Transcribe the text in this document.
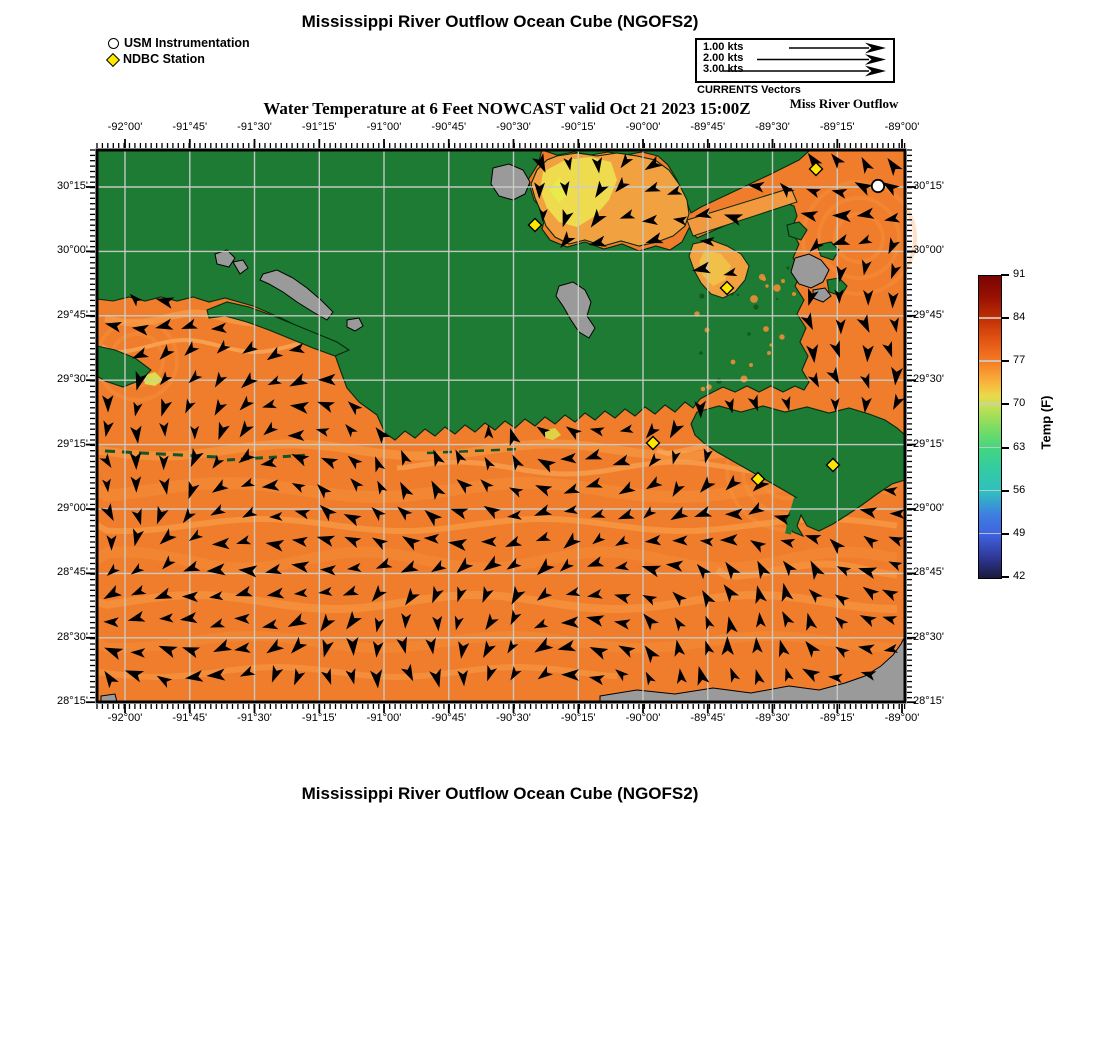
Mississippi River Outflow Ocean Cube (NGOFS2)
USM Instrumentation
NDBC Station
1.00 kts
2.00 kts
3.00 kts
CURRENTS Vectors
Water Temperature at 6 Feet NOWCAST valid Oct 21 2023 15:00Z	Miss River Outflow
Temp (F)
Mississippi River Outflow Ocean Cube (NGOFS2)
-92°00'
-92°00'
-91°45'
-91°45'
-91°30'
-91°30'
-91°15'
-91°15'
-91°00'
-91°00'
-90°45'
-90°45'
-90°30'
-90°30'
-90°15'
-90°15'
-90°00'
-90°00'
-89°45'
-89°45'
-89°30'
-89°30'
-89°15'
-89°15'
-89°00'
-89°00'
30°15'	30°15'
30°00'	30°00'
29°45'	29°45'
29°30'	29°30'
29°15'	29°15'
29°00'	29°00'
28°45'	28°45'
28°30'	28°30'
28°15'	28°15'
91
84
77
70
63
56
49
42
